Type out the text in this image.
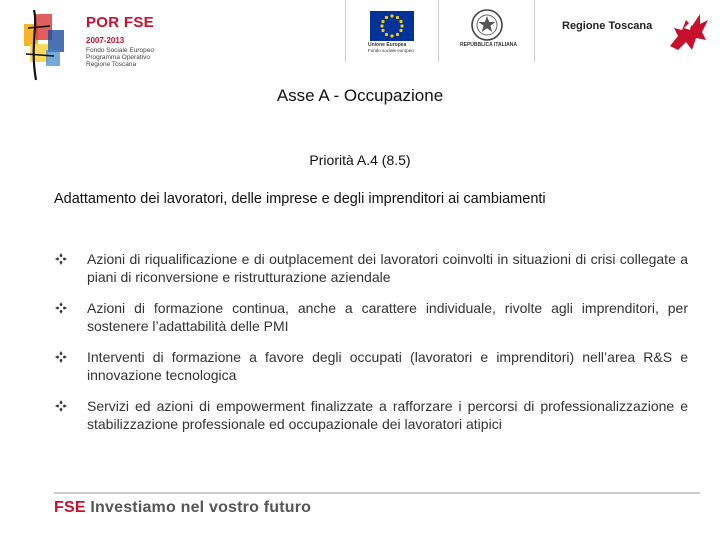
POR FSE
2007-2013
Fondo Sociale Europeo
Programma Operativo
Regione Toscana
Unione Europea
Fondo sociale europeo
REPUBBLICA ITALIANA
Regione Toscana
Asse A - Occupazione
Priorità A.4 (8.5)
Adattamento dei lavoratori, delle imprese e degli imprenditori ai cambiamenti
Azioni di riqualificazione e di outplacement dei lavoratori coinvolti in situazioni di crisi collegate a piani di riconversione e ristrutturazione aziendale
Azioni di formazione continua, anche a carattere individuale, rivolte agli imprenditori, per sostenere l’adattabilità delle PMI
Interventi di formazione a favore degli occupati (lavoratori e imprenditori) nell’area R&S e innovazione tecnologica
Servizi ed azioni di empowerment finalizzate a rafforzare i percorsi di professionalizzazione e stabilizzazione professionale ed occupazionale dei lavoratori atipici
FSE Investiamo nel vostro futuro
